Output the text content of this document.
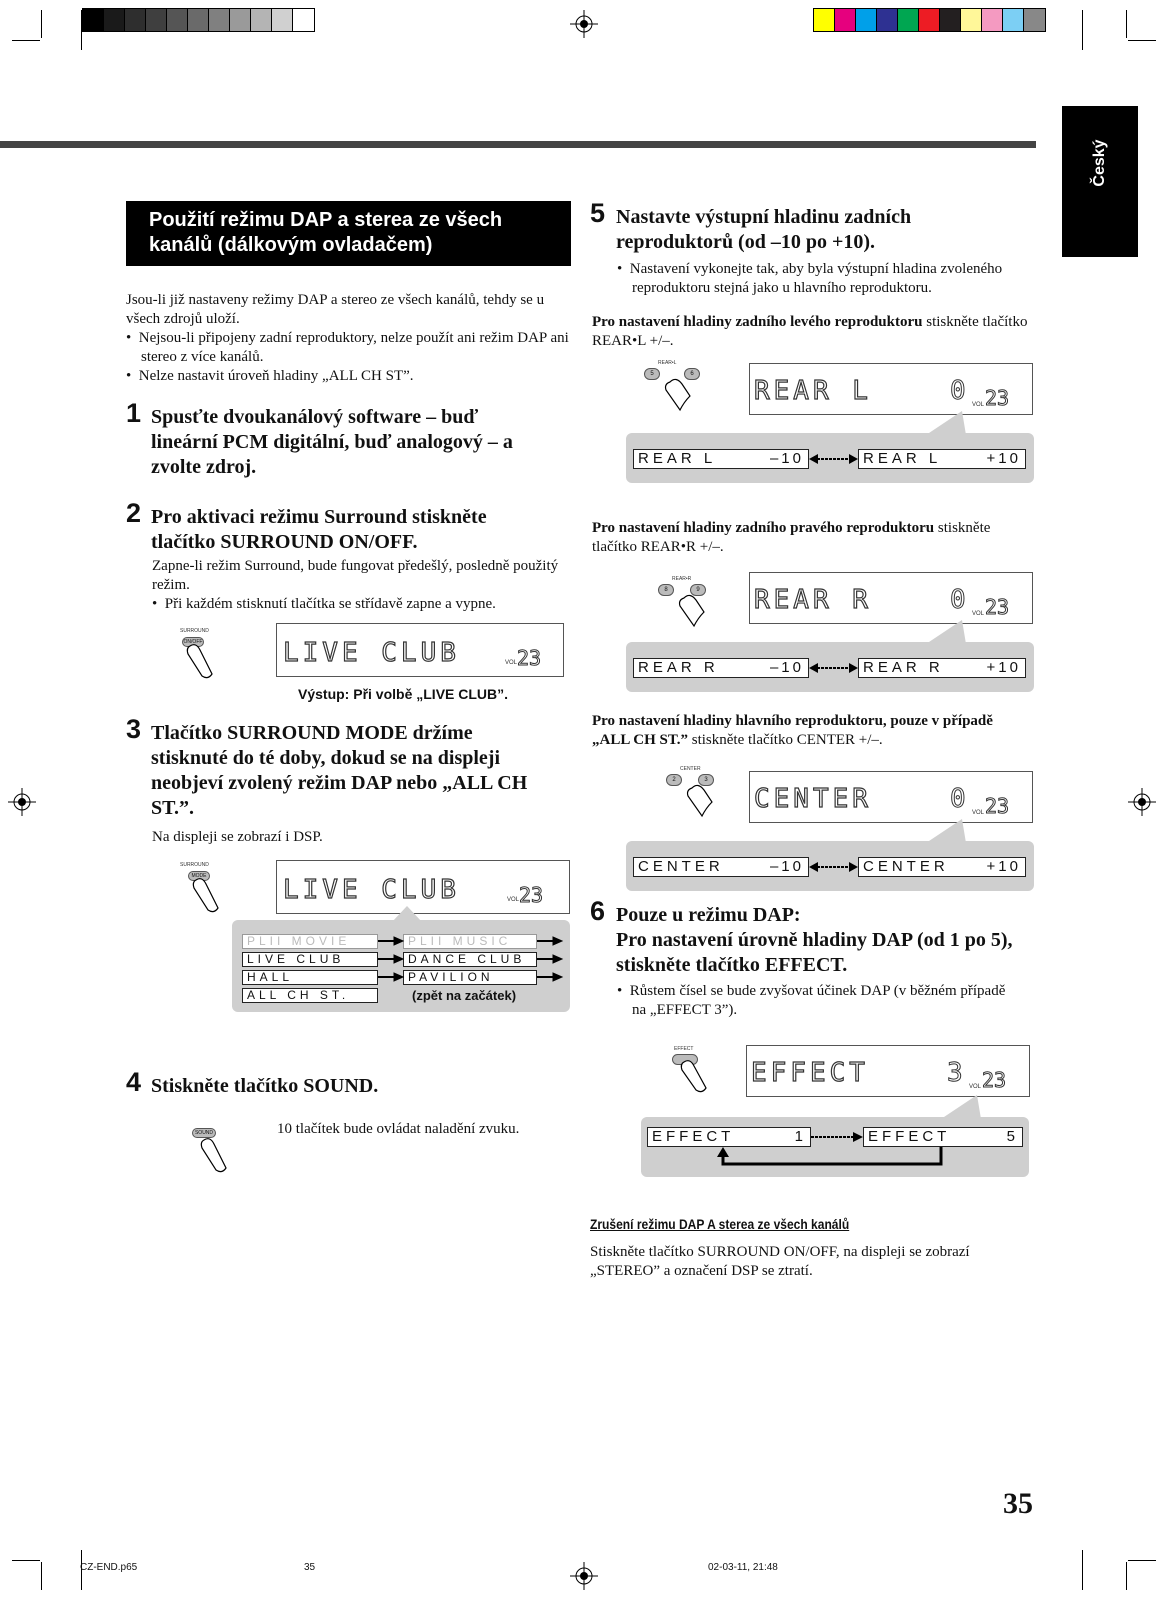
Český
Použití režimu DAP a sterea ze všech kanálů (dálkovým ovladačem)

Jsou-li již nastaveny režimy DAP a stereo ze všech kanálů, tehdy se u všech zdrojů uloží.

•  Nejsou-li připojeny zadní reproduktory, nelze použít ani režim DAP ani stereo z více kanálů.

•  Nelze nastavit úroveň hladiny „ALL CH ST”.

1 Spusťte dvoukanálový software – buď lineární PCM digitální, buď analogový – a zvolte zdroj.
2 Pro aktivaci režimu Surround stiskněte tlačítko SURROUND ON/OFF.

Zapne-li režim Surround, bude fungovat předešlý, posledně použitý režim.

•  Při každém stisknutí tlačítka se střídavě zapne a vypne.

SURROUND
ON/OFF	LIVE CLUB	VOL 23
Výstup: Při volbě „LIVE CLUB”.
3 Tlačítko SURROUND MODE držíme stisknuté do té doby, dokud se na displeji neobjeví zvolený režim DAP nebo „ALL CH ST.”.
Na displeji se zobrazí i DSP.
SURROUND
MODE	LIVE CLUB	VOL 23
PLII MOVIE
LIVE CLUB
HALL
ALL CH ST.
PLII MUSIC
DANCE CLUB
PAVILION
(zpět na začátek)
4 Stiskněte tlačítko SOUND.
SOUND	10 tlačítek bude ovládat naladění zvuku.
5 Nastavte výstupní hladinu zadních reproduktorů (od –10 po +10).
•  Nastavení vykonejte tak, aby byla výstupní hladina zvoleného reproduktoru stejná jako u hlavního reproduktoru.
Pro nastavení hladiny zadního levého reproduktoru stiskněte tlačítko REAR•L +/–.
REAR•L
5	6
REAR L	0 VOL 23
REAR L	–10	REAR L	+10
Pro nastavení hladiny zadního pravého reproduktoru stiskněte tlačítko REAR•R +/–.
REAR•R
8	9 REAR R	0 VOL 23
REAR R	–10	REAR R	+10
Pro nastavení hladiny hlavního reproduktoru, pouze v případě „ALL CH ST.” stiskněte tlačítko CENTER +/–.
CENTER
2	3
CENTER	0 VOL 23
CENTER	–10	CENTER	+10
6 Pouze u režimu DAP:
Pro nastavení úrovně hladiny DAP (od 1 po 5), stiskněte tlačítko EFFECT.
•  Růstem čísel se bude zvyšovat účinek DAP (v běžném případě na „EFFECT 3”).
EFFECT
EFFECT	3 VOL 23
EFFECT	1	EFFECT	5
Zrušení režimu DAP A sterea ze všech kanálů
Stiskněte tlačítko SURROUND ON/OFF, na displeji se zobrazí „STEREO” a označení DSP se ztratí.
35
CZ-END.p65	35	02-03-11, 21:48
